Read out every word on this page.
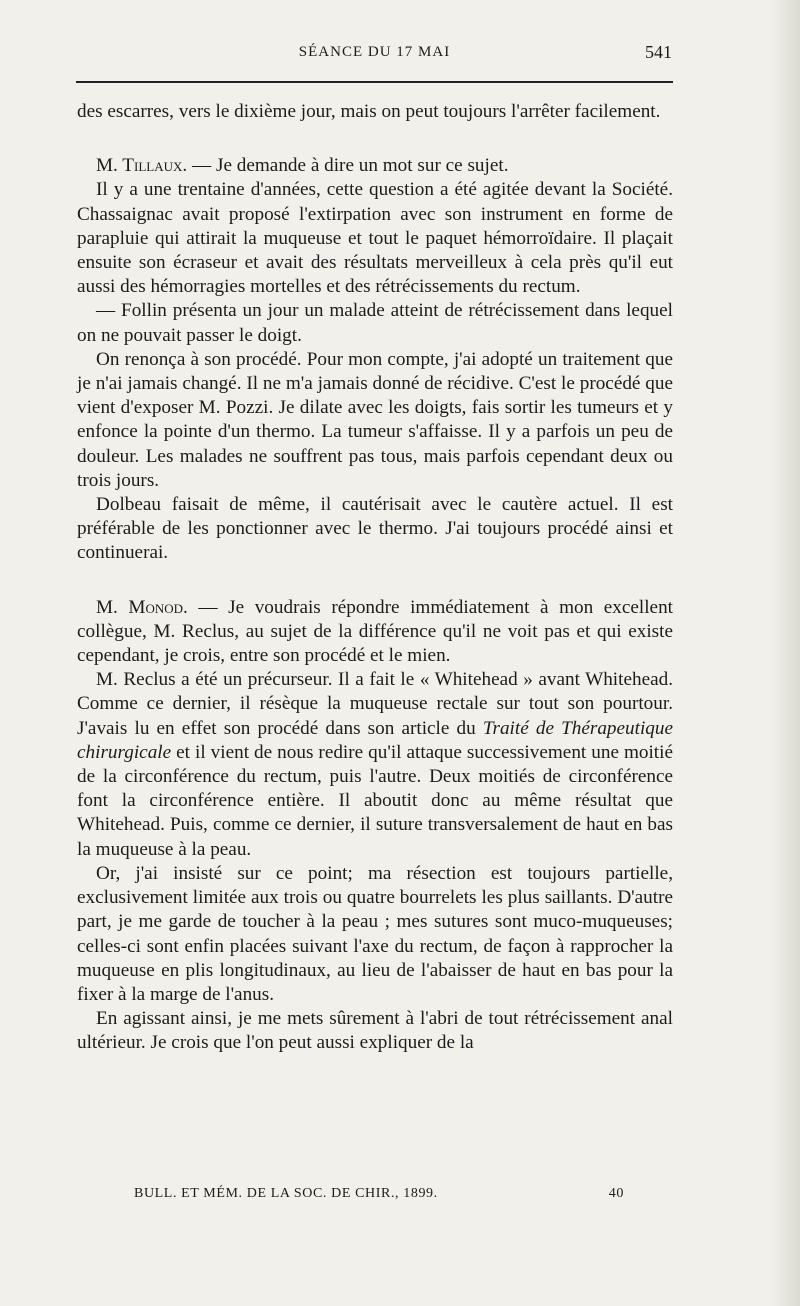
SÉANCE DU 17 MAI	541

des escarres, vers le dixième jour, mais on peut toujours l'arrêter facilement.

M. Tillaux. — Je demande à dire un mot sur ce sujet.

Il y a une trentaine d'années, cette question a été agitée devant la Société. Chassaignac avait proposé l'extirpation avec son instrument en forme de parapluie qui attirait la muqueuse et tout le paquet hémorroïdaire. Il plaçait ensuite son écraseur et avait des résultats merveilleux à cela près qu'il eut aussi des hémorragies mortelles et des rétrécissements du rectum.

— Follin présenta un jour un malade atteint de rétrécissement dans lequel on ne pouvait passer le doigt.

On renonça à son procédé. Pour mon compte, j'ai adopté un traitement que je n'ai jamais changé. Il ne m'a jamais donné de récidive. C'est le procédé que vient d'exposer M. Pozzi. Je dilate avec les doigts, fais sortir les tumeurs et y enfonce la pointe d'un thermo. La tumeur s'affaisse. Il y a parfois un peu de douleur. Les malades ne souffrent pas tous, mais parfois cependant deux ou trois jours.

Dolbeau faisait de même, il cautérisait avec le cautère actuel. Il est préférable de les ponctionner avec le thermo. J'ai toujours procédé ainsi et continuerai.

M. Monod. — Je voudrais répondre immédiatement à mon excellent collègue, M. Reclus, au sujet de la différence qu'il ne voit pas et qui existe cependant, je crois, entre son procédé et le mien.

M. Reclus a été un précurseur. Il a fait le « Whitehead » avant Whitehead. Comme ce dernier, il résèque la muqueuse rectale sur tout son pourtour. J'avais lu en effet son procédé dans son article du Traité de Thérapeutique chirurgicale et il vient de nous redire qu'il attaque successivement une moitié de la circonférence du rectum, puis l'autre. Deux moitiés de circonférence font la circonférence entière. Il aboutit donc au même résultat que Whitehead. Puis, comme ce dernier, il suture transversalement de haut en bas la muqueuse à la peau.

Or, j'ai insisté sur ce point; ma résection est toujours partielle, exclusivement limitée aux trois ou quatre bourrelets les plus saillants. D'autre part, je me garde de toucher à la peau ; mes sutures sont muco-muqueuses; celles-ci sont enfin placées suivant l'axe du rectum, de façon à rapprocher la muqueuse en plis longitudinaux, au lieu de l'abaisser de haut en bas pour la fixer à la marge de l'anus.

En agissant ainsi, je me mets sûrement à l'abri de tout rétrécissement anal ultérieur. Je crois que l'on peut aussi expliquer de la

BULL. ET MÉM. DE LA SOC. DE CHIR., 1899.	40
